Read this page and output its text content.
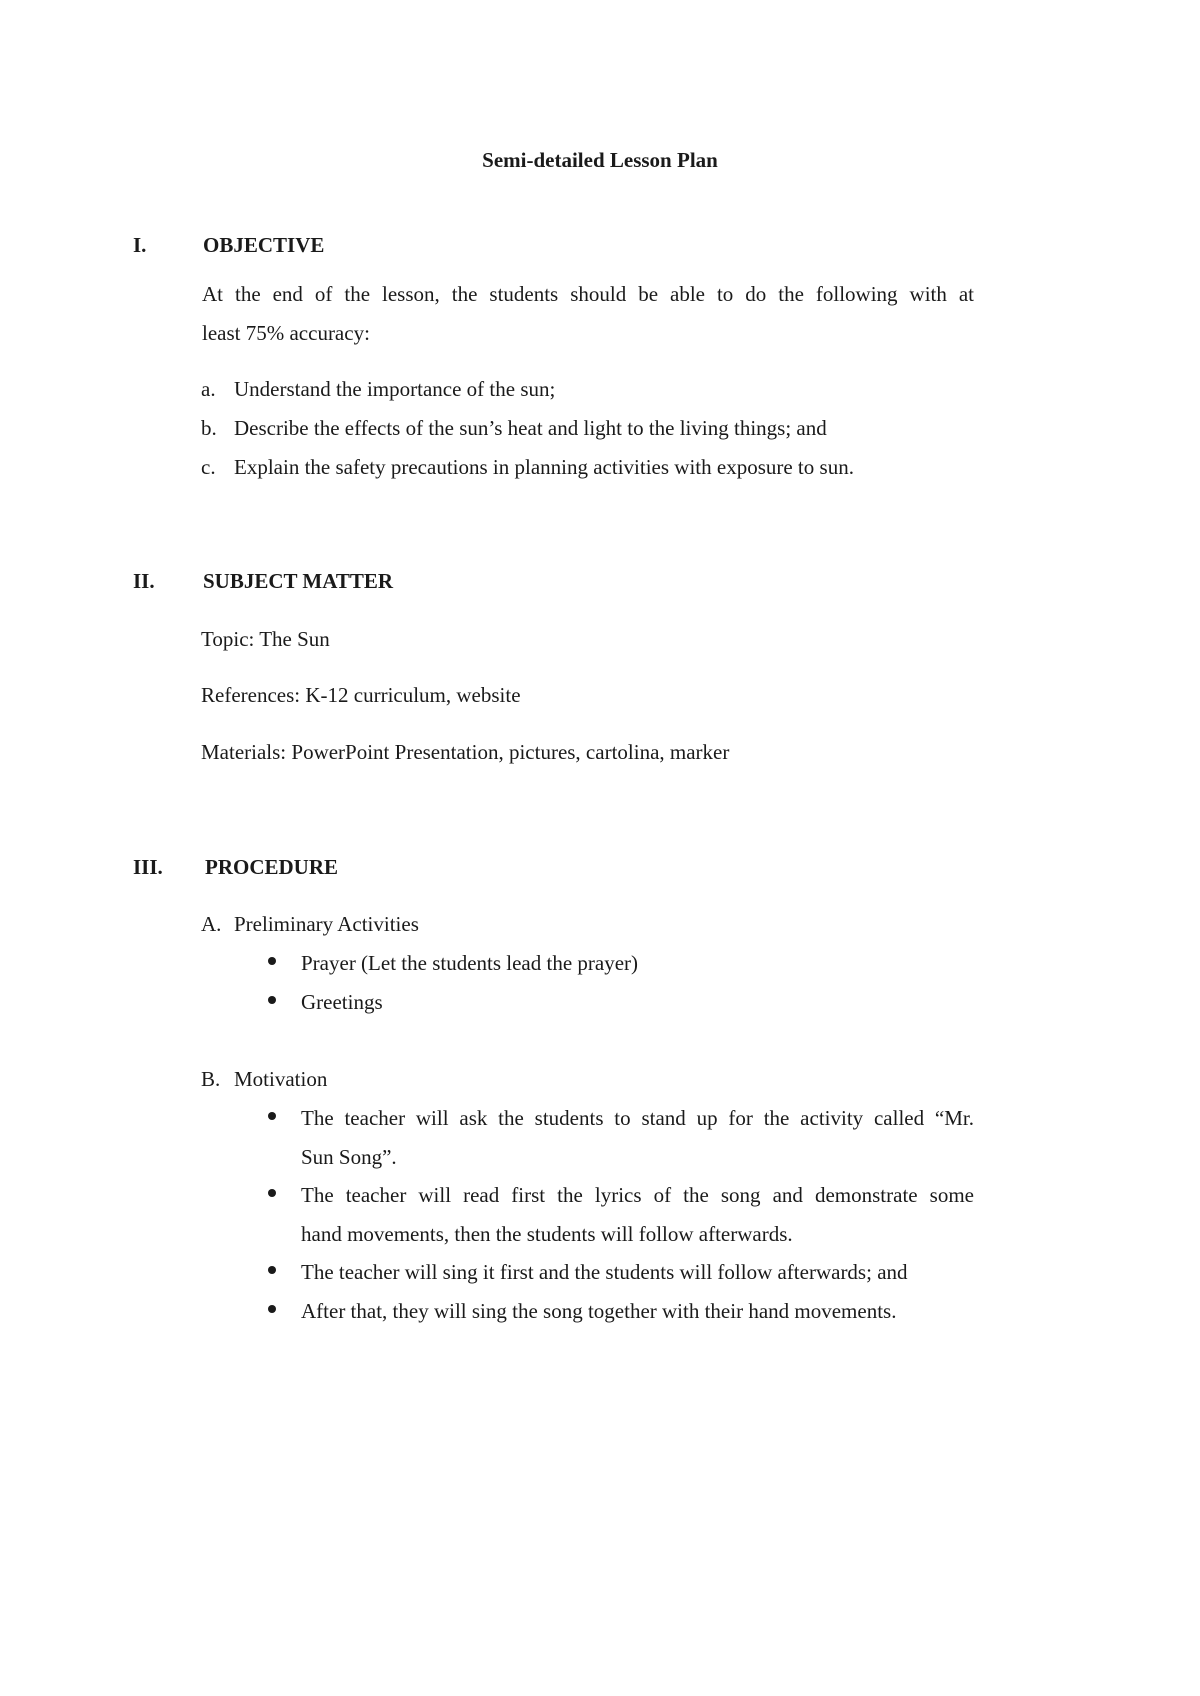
Semi-detailed Lesson Plan
I.	OBJECTIVE
At the end of the lesson, the students should be able to do the following with at
least 75% accuracy:
a. Understand the importance of the sun;
b. Describe the effects of the sun’s heat and light to the living things; and
c. Explain the safety precautions in planning activities with exposure to sun.
II. SUBJECT MATTER
Topic: The Sun
References: K-12 curriculum, website
Materials: PowerPoint Presentation, pictures, cartolina, marker
III. PROCEDURE
A. Preliminary Activities
Prayer (Let the students lead the prayer)
Greetings
B. Motivation
The teacher will ask the students to stand up for the activity called “Mr.
Sun Song”.
The teacher will read first the lyrics of the song and demonstrate some
hand movements, then the students will follow afterwards.
The teacher will sing it first and the students will follow afterwards; and
After that, they will sing the song together with their hand movements.
